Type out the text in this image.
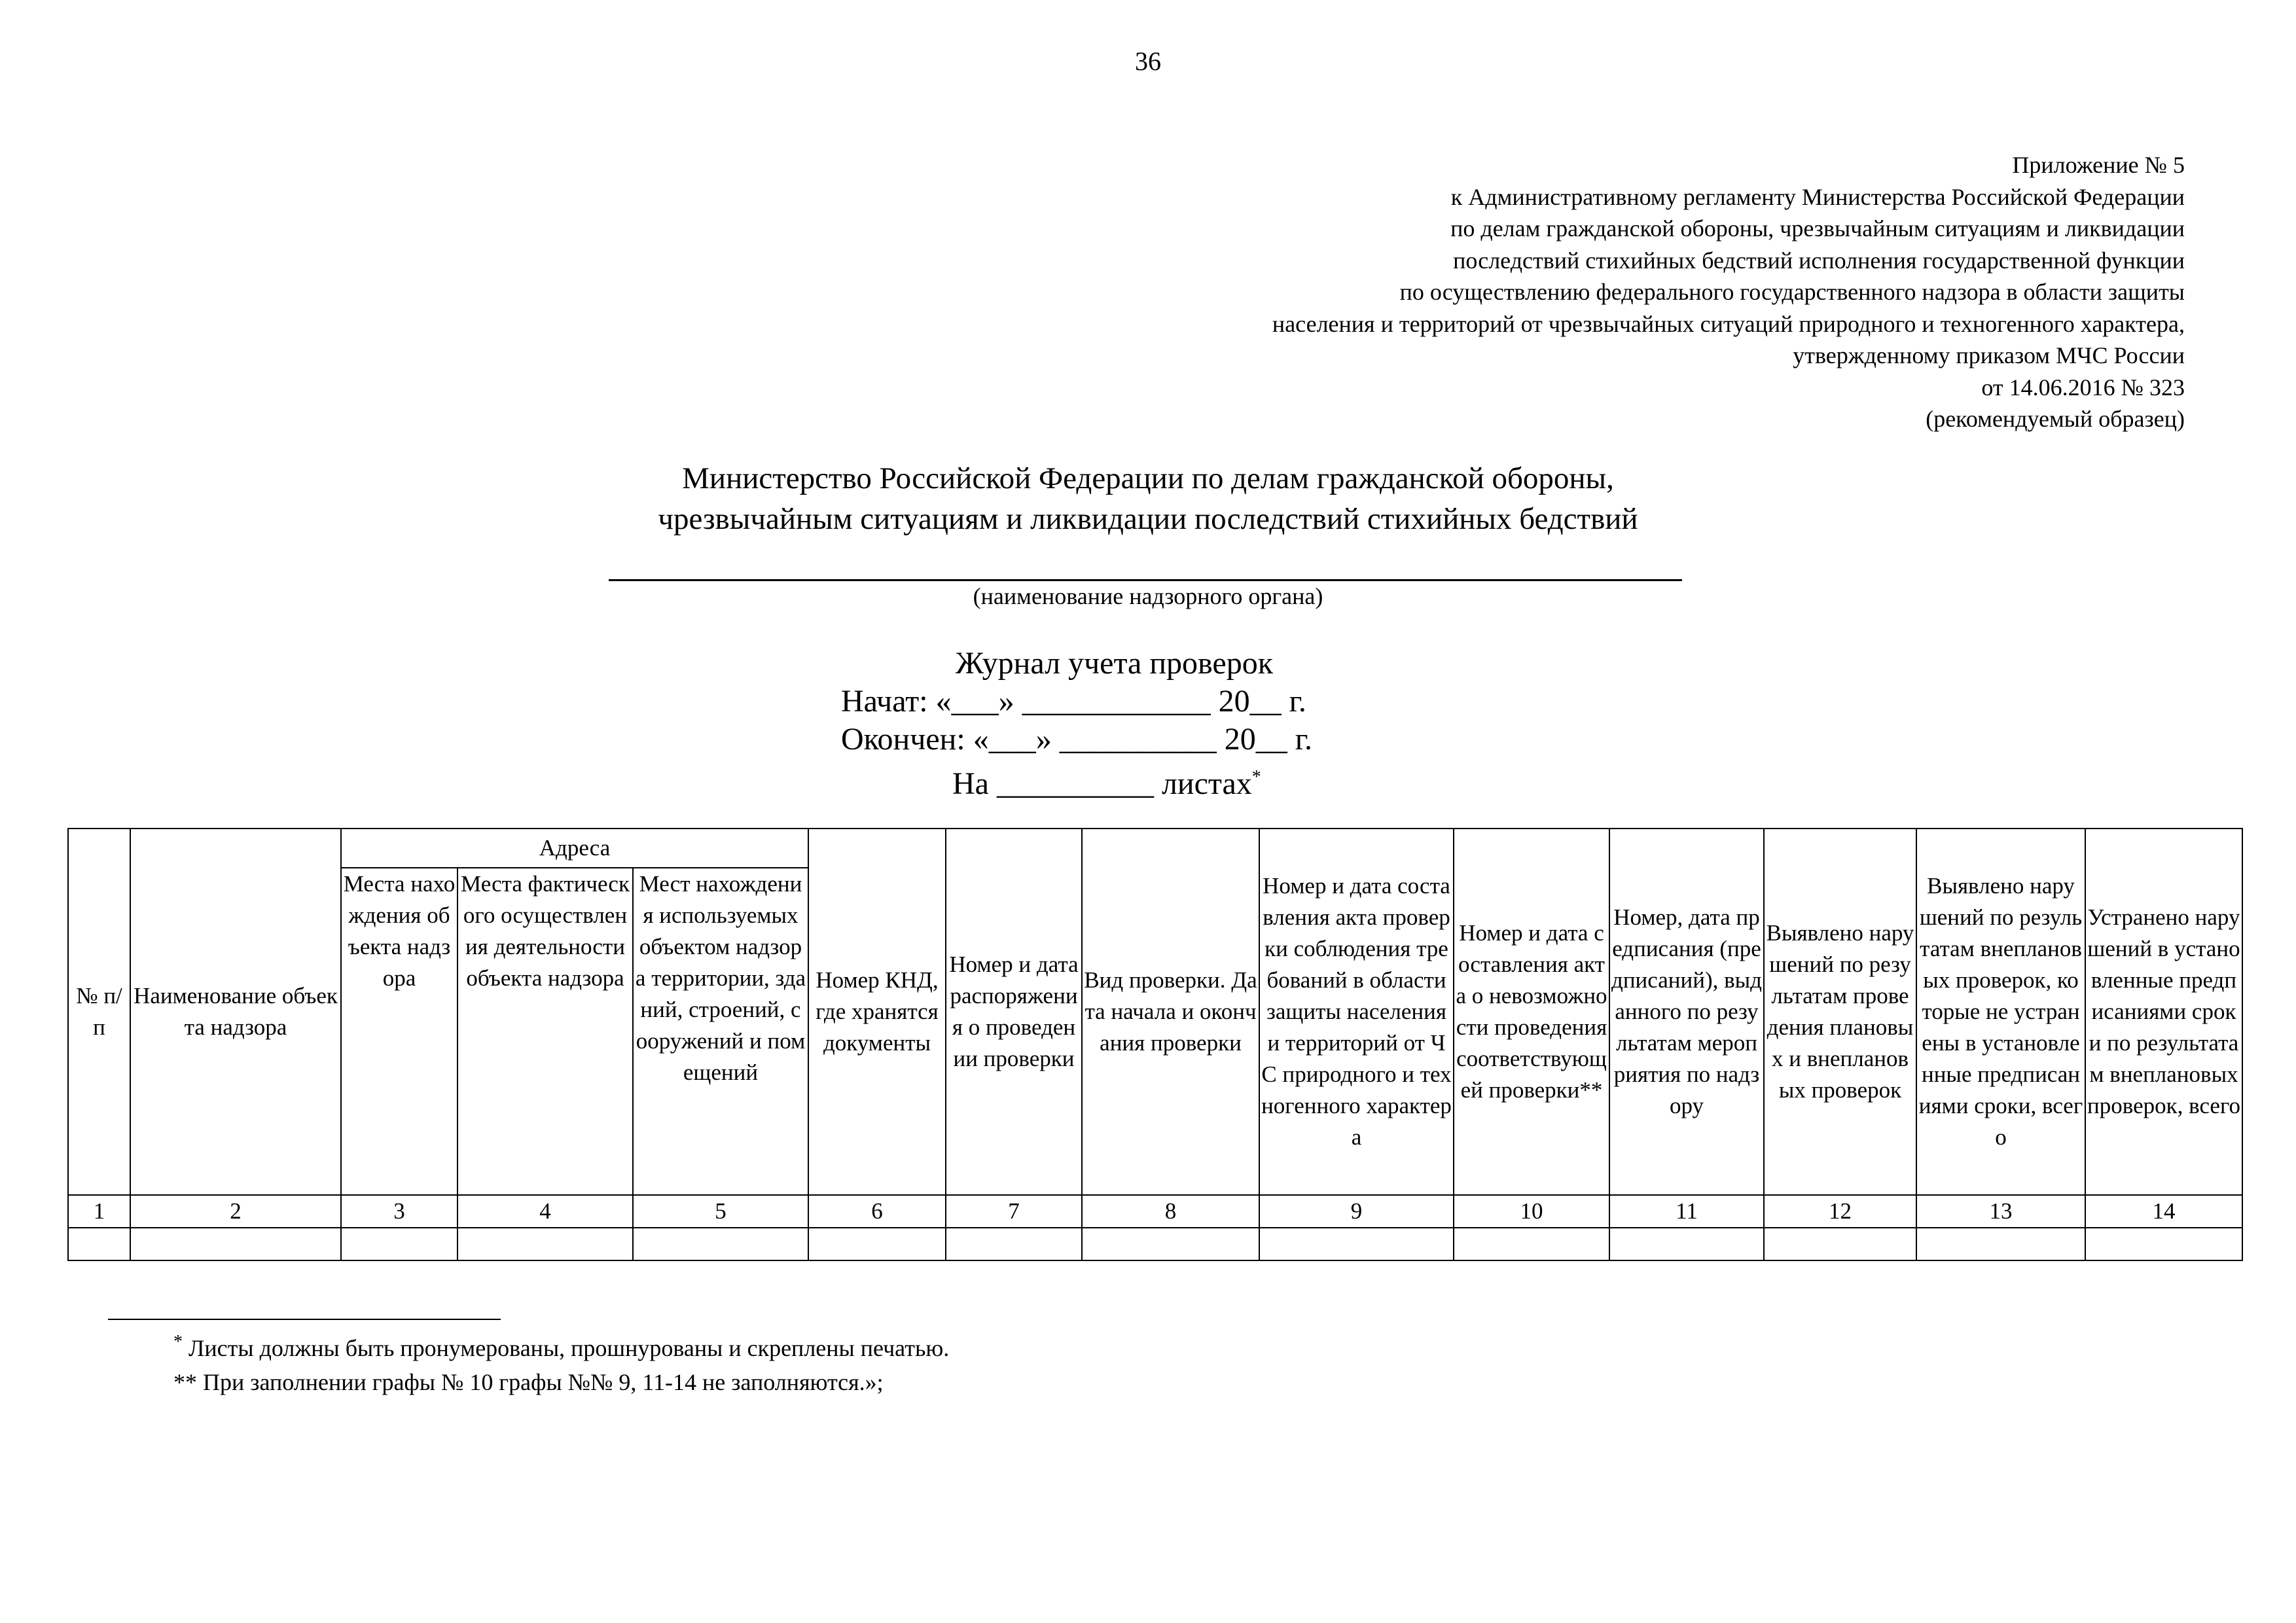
36
Приложение № 5
к Административному регламенту Министерства Российской Федерации
по делам гражданской обороны, чрезвычайным ситуациям и ликвидации
последствий стихийных бедствий исполнения государственной функции
по осуществлению федерального государственного надзора в области защиты
населения и территорий от чрезвычайных ситуаций природного и техногенного характера,
утвержденному приказом МЧС России
от 14.06.2016 № 323
(рекомендуемый образец)
Министерство Российской Федерации по делам гражданской обороны,
чрезвычайным ситуациям и ликвидации последствий стихийных бедствий
(наименование надзорного органа)
Журнал учета проверок
Начат: «___» ____________ 20__ г.
Окончен: «___» __________ 20__ г.
На __________ листах*
№ п/п	Наименование объекта надзора	Адреса			Номер КНД, где хранятся документы	Номер и дата распоряжения о проведении проверки	Вид проверки. Дата начала и окончания проверки	Номер и дата составления акта проверки соблюдения требований в области защиты населения и территорий от ЧС природного и техногенного характера	Номер и дата составления акта о невозможности проведения соответствующей проверки**	Номер, дата предписания (предписаний), выданного по результатам мероприятия по надзору	Выявлено нарушений по результатам проведения плановых и внеплановых проверок	Выявлено нарушений по результатам внеплановых проверок, которые не устранены в установленные предписаниями сроки, всего	Устранено нарушений в установленные предписаниями сроки по результатам внеплановых проверок, всего
		Места нахождения объекта надзора	Места фактического осуществления деятельности объекта надзора	Мест нахождения используемых объектом надзора территории, зданий, строений, сооружений и помещений									
1	2	3	4	5	6	7	8	9	10	11	12	13	14

* Листы должны быть пронумерованы, прошнурованы и скреплены печатью.
** При заполнении графы № 10 графы №№ 9, 11-14 не заполняются.»;
